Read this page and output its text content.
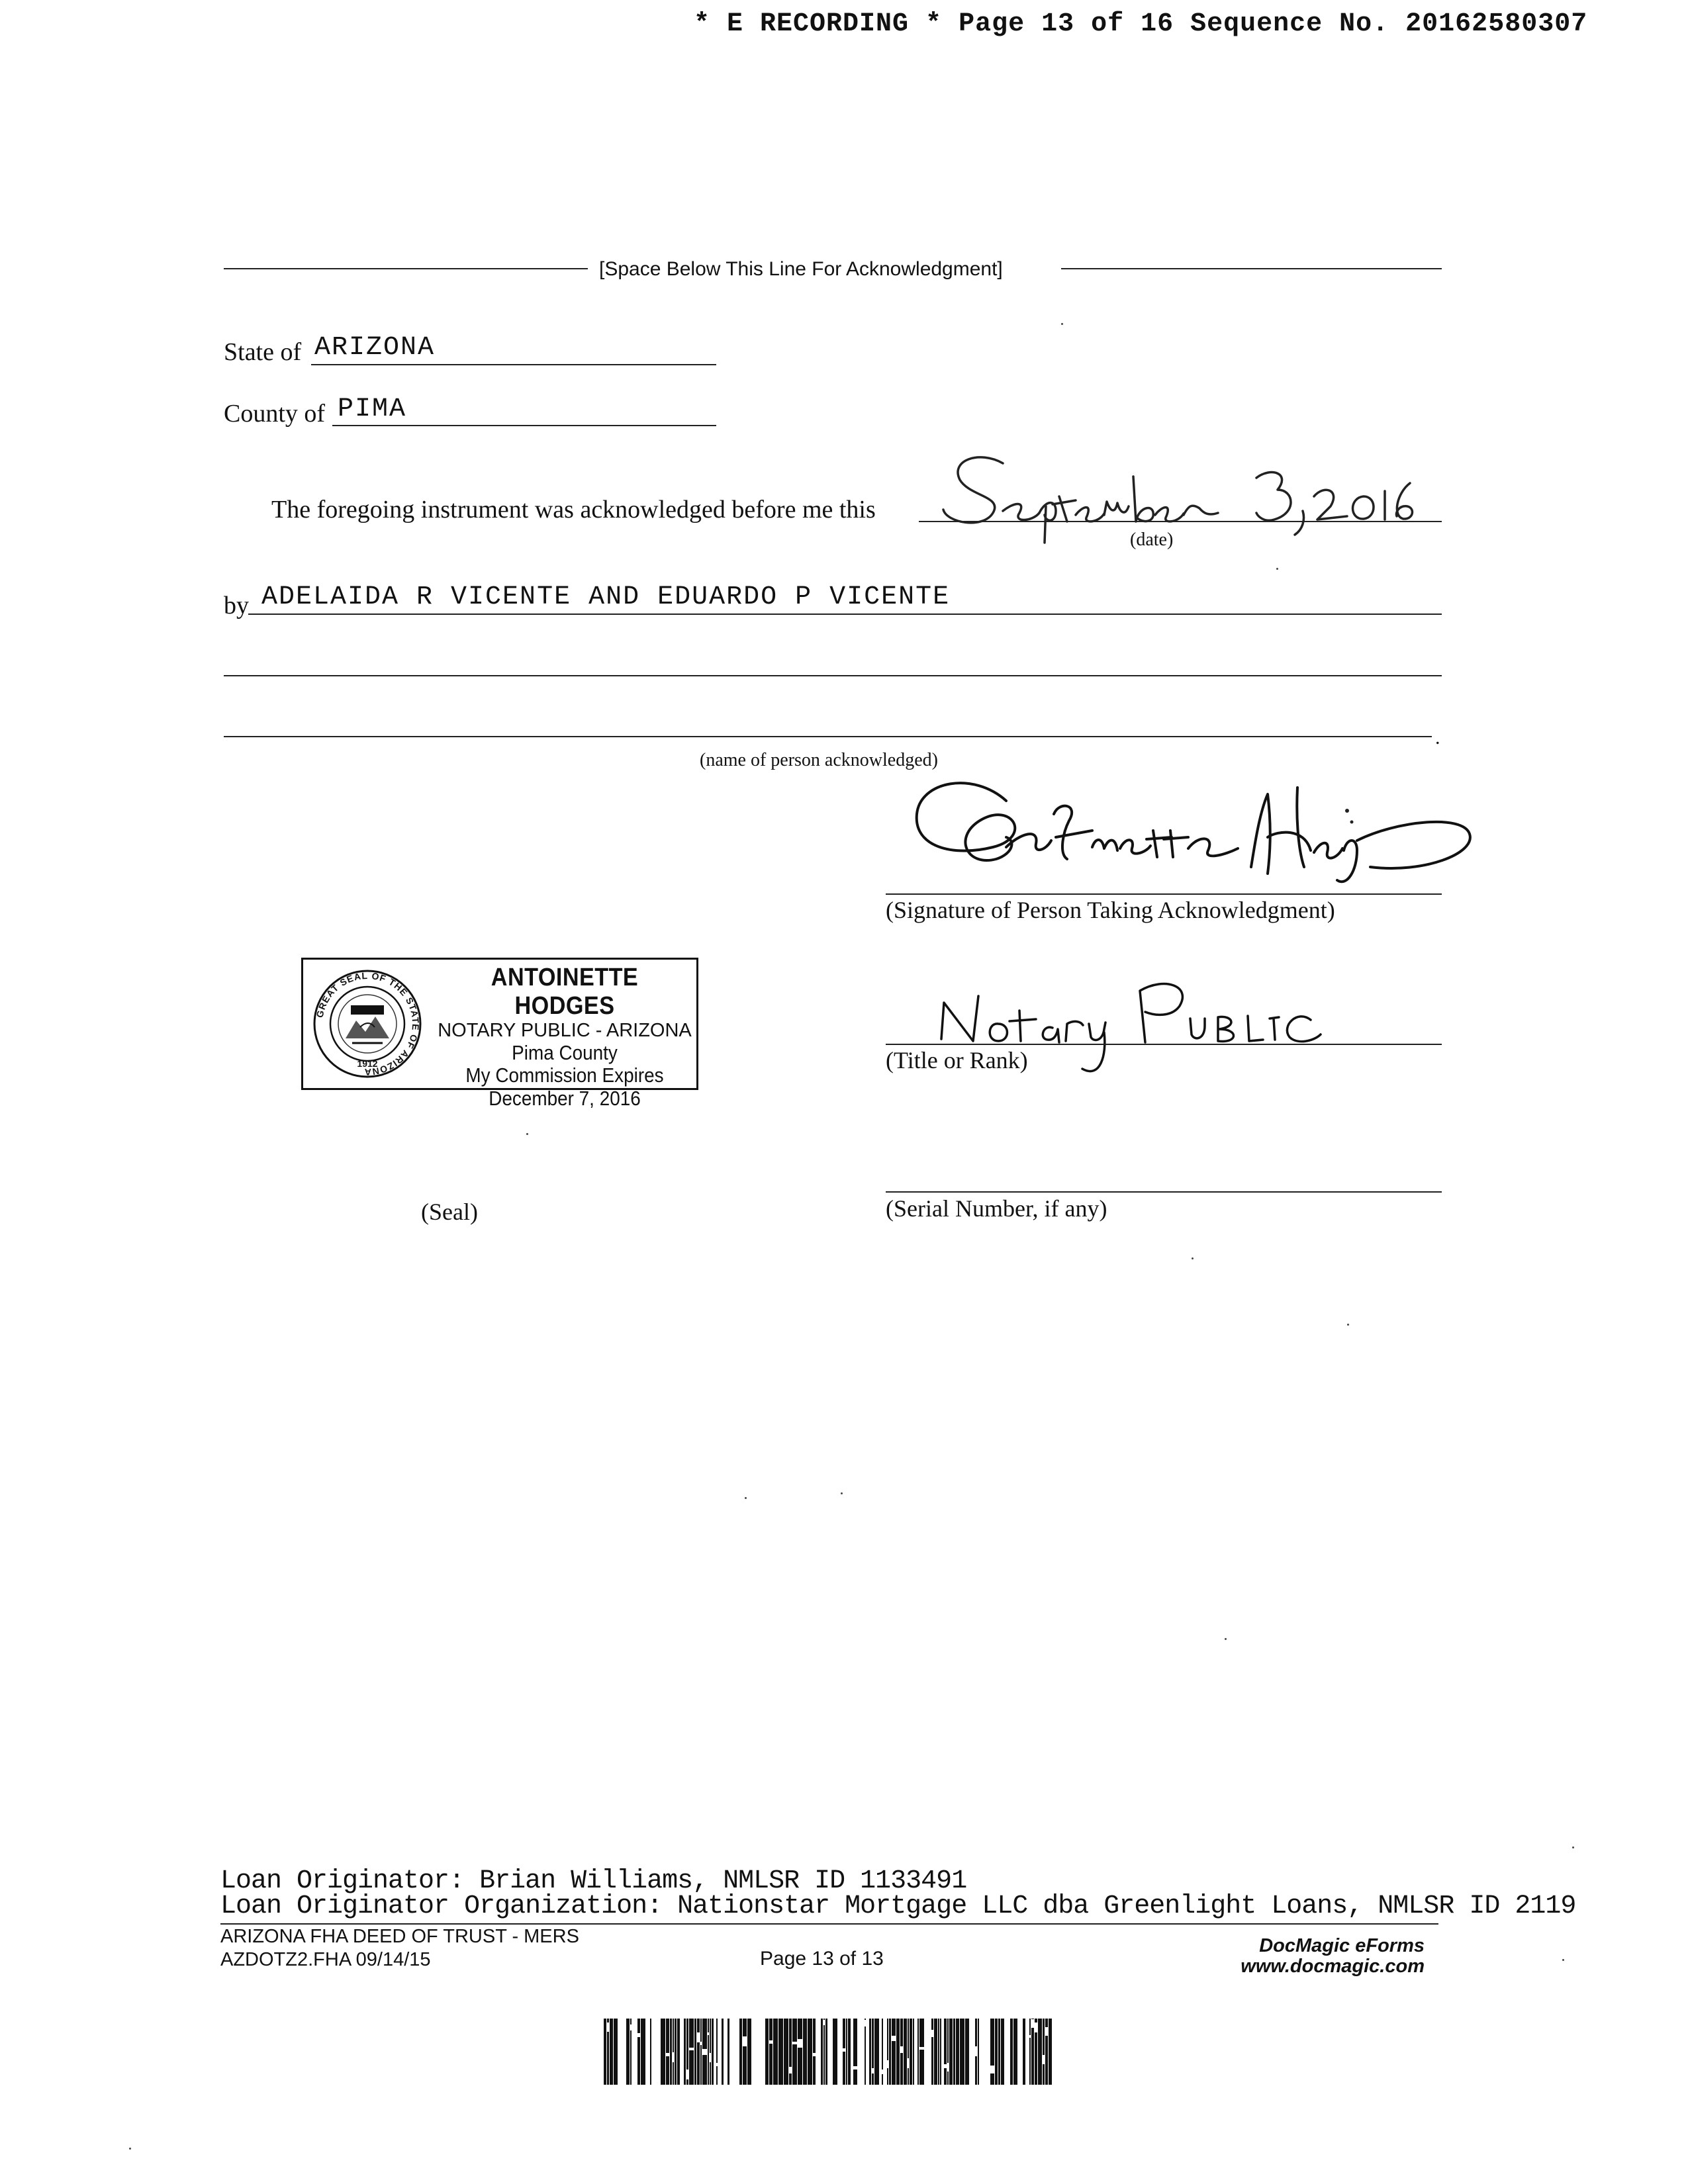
* E RECORDING * Page 13 of 16 Sequence No. 20162580307
[Space Below This Line For Acknowledgment]
State of ARIZONA
County of PIMA
The foregoing instrument was acknowledged before me this
(date)
by ADELAIDA R VICENTE AND EDUARDO P VICENTE
.
(name of person acknowledged)
(Signature of Person Taking Acknowledgment)
GREAT SEAL OF THE STATE OF ARIZONA
1912
ANTOINETTE HODGES
NOTARY PUBLIC - ARIZONA
Pima County
My Commission Expires
December 7, 2016
(Title or Rank)
(Seal)	(Serial Number, if any)
Loan Originator: Brian Williams, NMLSR ID 1133491
Loan Originator Organization: Nationstar Mortgage LLC dba Greenlight Loans, NMLSR ID 2119
ARIZONA FHA DEED OF TRUST - MERS
AZDOTZ2.FHA 09/14/15	Page 13 of 13
DocMagic eForms
www.docmagic.com
